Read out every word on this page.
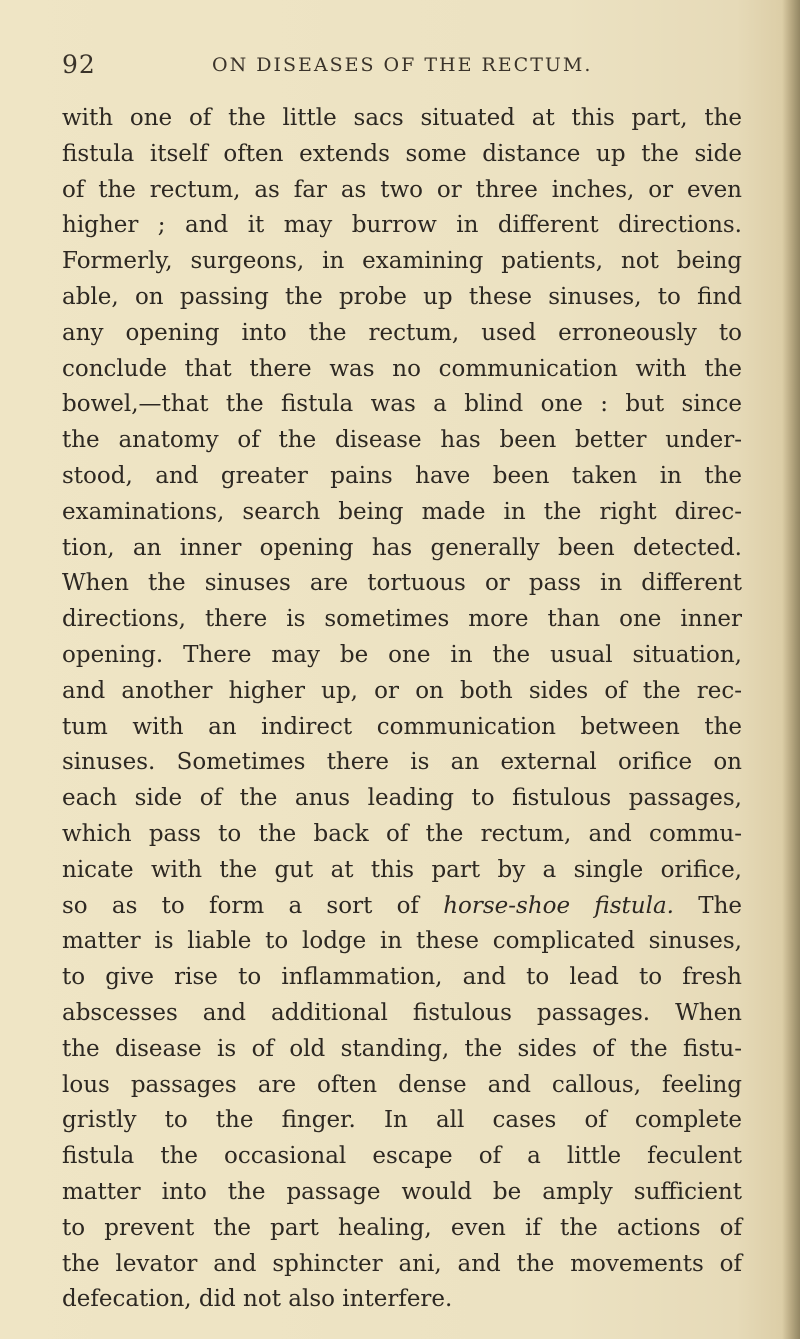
92	ON DISEASES OF THE RECTUM.
with one of the little sacs situated at this part, the
fistula itself often extends some distance up the side
of the rectum, as far as two or three inches, or even
higher ; and it may burrow in different directions.
Formerly, surgeons, in examining patients, not being
able, on passing the probe up these sinuses, to find
any opening into the rectum, used erroneously to
conclude that there was no communication with the
bowel,—that the fistula was a blind one : but since
the anatomy of the disease has been better under-
stood, and greater pains have been taken in the
examinations, search being made in the right direc-
tion, an inner opening has generally been detected.
When the sinuses are tortuous or pass in different
directions, there is sometimes more than one inner
opening. There may be one in the usual situation,
and another higher up, or on both sides of the rec-
tum with an indirect communication between the
sinuses. Sometimes there is an external orifice on
each side of the anus leading to fistulous passages,
which pass to the back of the rectum, and commu-
nicate with the gut at this part by a single orifice,
so as to form a sort of horse-shoe fistula. The
matter is liable to lodge in these complicated sinuses,
to give rise to inflammation, and to lead to fresh
abscesses and additional fistulous passages. When
the disease is of old standing, the sides of the fistu-
lous passages are often dense and callous, feeling
gristly to the finger. In all cases of complete
fistula the occasional escape of a little feculent
matter into the passage would be amply sufficient
to prevent the part healing, even if the actions of
the levator and sphincter ani, and the movements of
defecation, did not also interfere.
